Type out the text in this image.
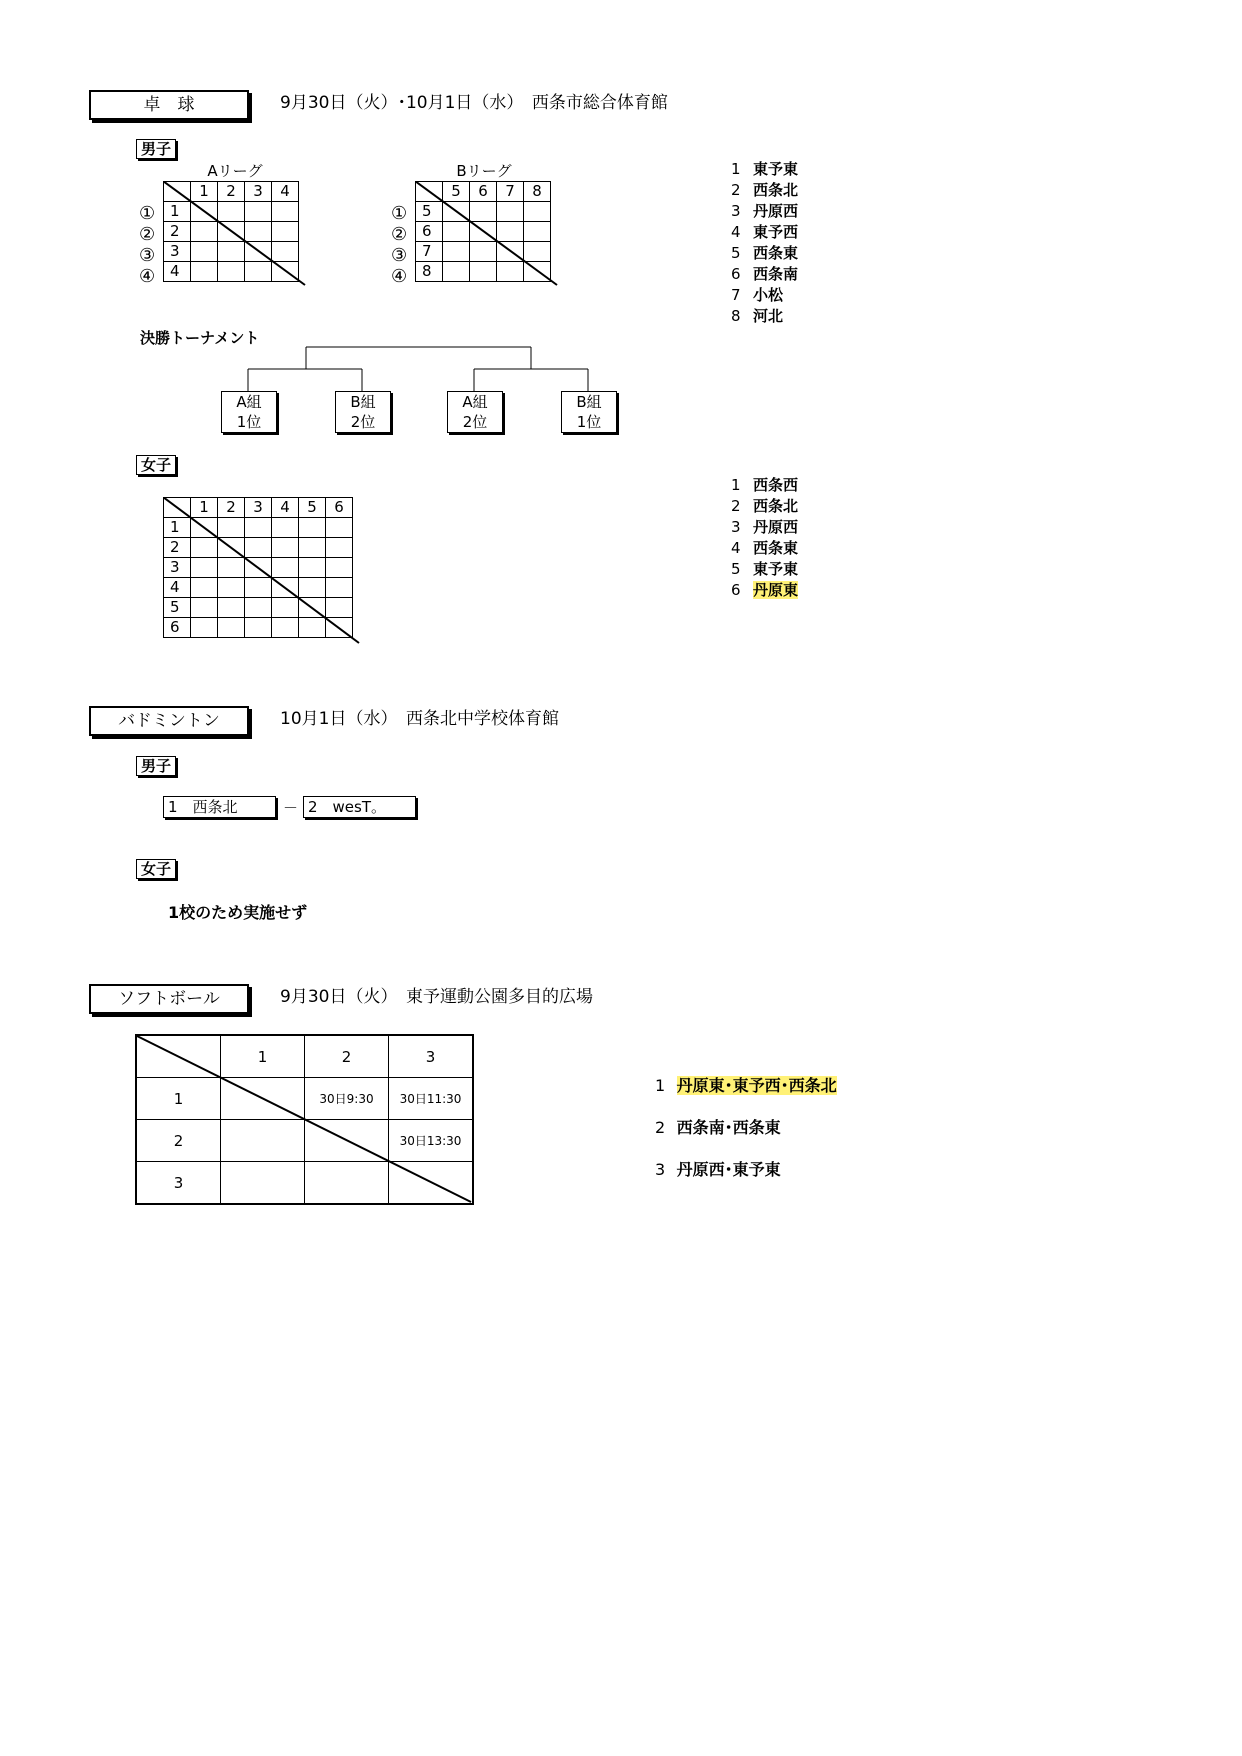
卓　球	9月30日（火）･10月1日（水）　西条市総合体育館
男子
Aリーグ
①
②
③
④
	1	2	3	4
1				
2				
3				
4				
Bリーグ
①
②
③
④
	5	6	7	8
5				
6				
7				
8				
1 東予東
2 西条北
3 丹原西
4 東予西
5 西条東
6 西条南
7 小松
8 河北
決勝トーナメント
A組
1位
B組
2位
A組
2位
B組
1位
女子
	1	2	3	4	5	6
1						
2						
3						
4						
5						
6						
1 西条西
2 西条北
3 丹原西
4 西条東
5 東予東
6 丹原東
バドミントン	10月1日（水）　西条北中学校体育館
男子
1　西条北	－ 2　wesT。
女子
1校のため実施せず
ソフトボール	9月30日（火）　東予運動公園多目的広場
	1	2	3
1		30日9:30	30日11:30
2			30日13:30
3			
1 丹原東･東予西･西条北
2 西条南･西条東
3 丹原西･東予東
